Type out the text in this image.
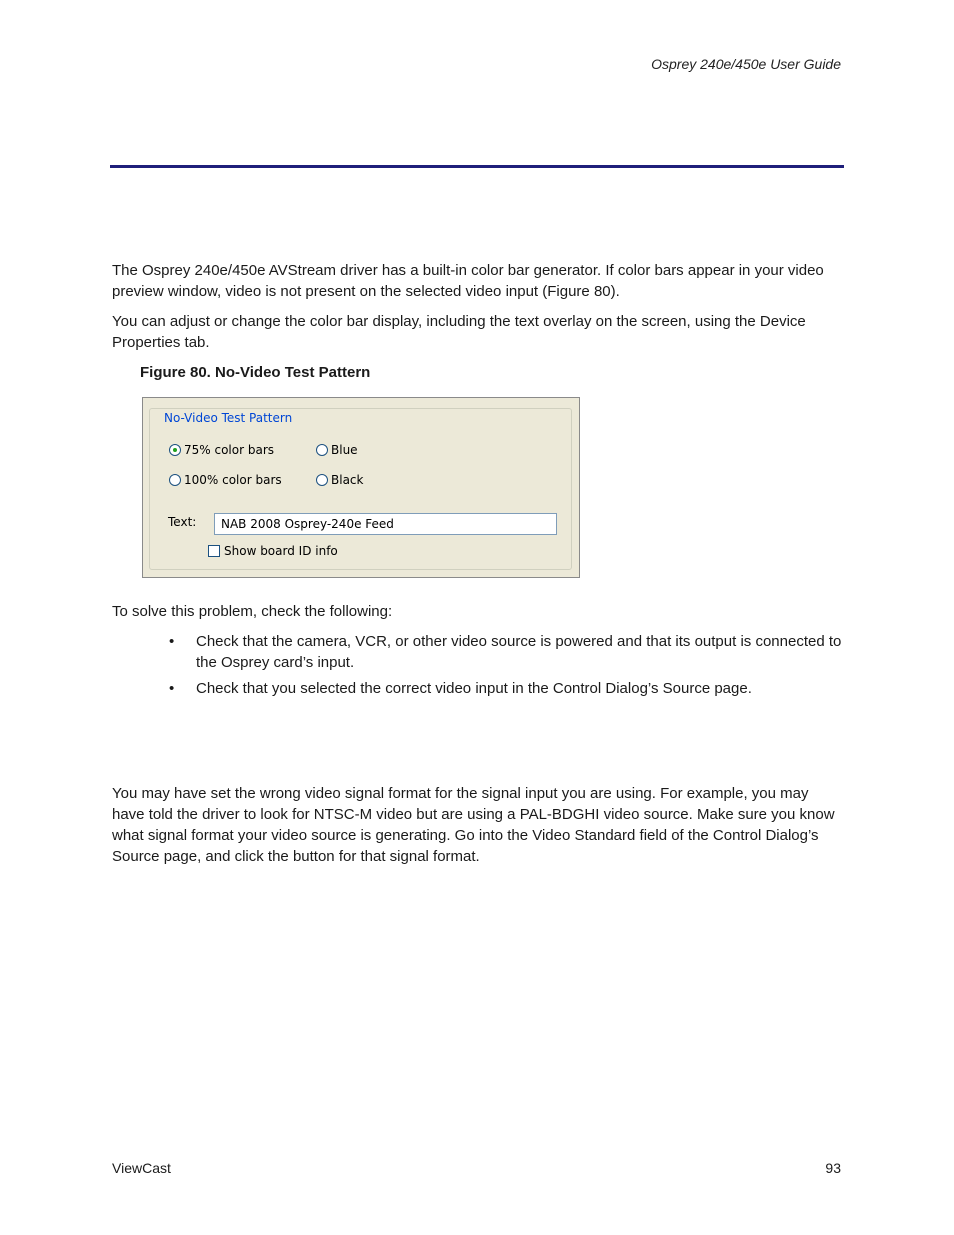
Osprey 240e/450e User Guide

The Osprey 240e/450e AVStream driver has a built-in color bar generator. If color bars appear in your video preview window, video is not present on the selected video input (Figure 80).

You can adjust or change the color bar display, including the text overlay on the screen, using the Device Properties tab.

Figure 80. No-Video Test Pattern
No-Video Test Pattern
75% color bars	Blue
100% color bars	Black
Text:	NAB 2008 Osprey-240e Feed
Show board ID info

To solve this problem, check the following:

• Check that the camera, VCR, or other video source is powered and that its output is connected to the Osprey card’s input.
• Check that you selected the correct video input in the Control Dialog’s Source page.

You may have set the wrong video signal format for the signal input you are using. For example, you may have told the driver to look for NTSC-M video but are using a PAL-BDGHI video source. Make sure you know what signal format your video source is generating. Go into the Video Standard field of the Control Dialog’s Source page, and click the button for that signal format.

ViewCast	93
